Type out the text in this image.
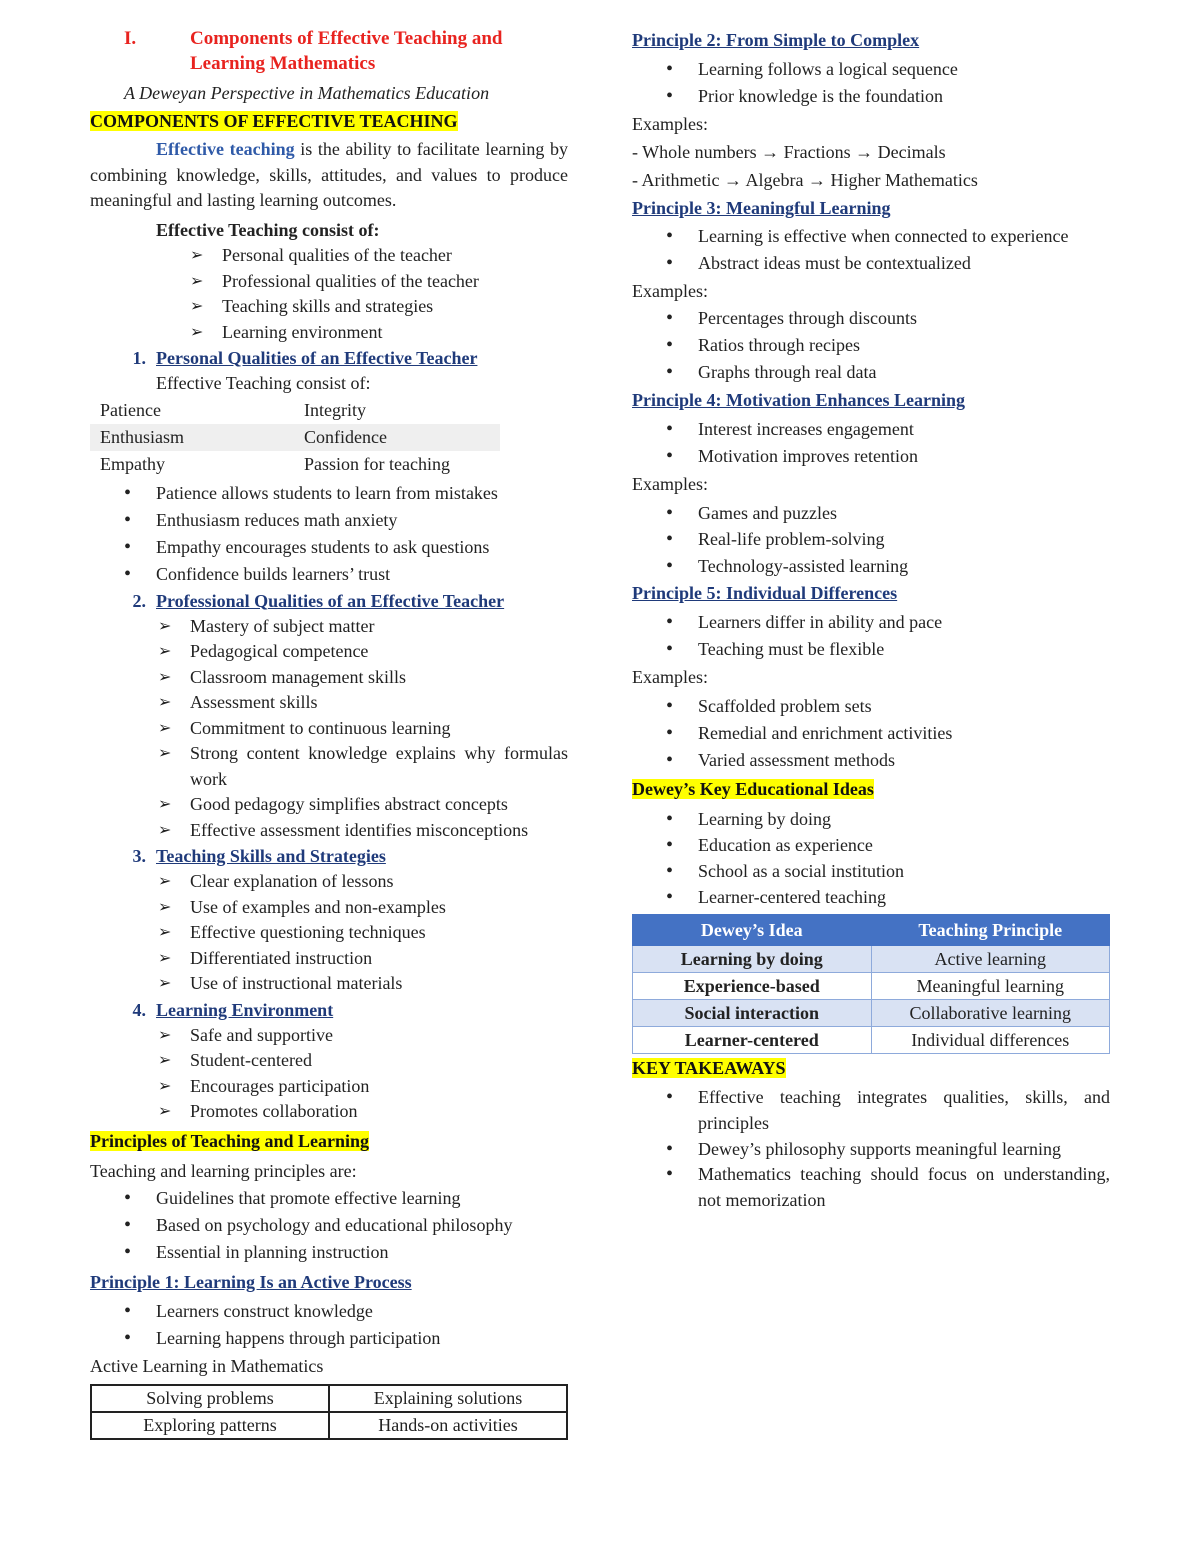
I.	Components of Effective Teaching and
Learning Mathematics
A Deweyan Perspective in Mathematics Education
COMPONENTS OF EFFECTIVE TEACHING
Effective teaching is the ability to facilitate learning by combining knowledge, skills, attitudes, and values to produce meaningful and lasting learning outcomes.
Effective Teaching consist of:
➢ Personal qualities of the teacher
➢ Professional qualities of the teacher
➢ Teaching skills and strategies
➢ Learning environment
1. Personal Qualities of an Effective Teacher
Effective Teaching consist of:
Patience	Integrity
Enthusiasm	Confidence
Empathy	Passion for teaching
• Patience allows students to learn from mistakes
• Enthusiasm reduces math anxiety
• Empathy encourages students to ask questions
• Confidence builds learners’ trust
2. Professional Qualities of an Effective Teacher
➢ Mastery of subject matter
➢ Pedagogical competence
➢ Classroom management skills
➢ Assessment skills
➢ Commitment to continuous learning
➢ Strong content knowledge explains why formulas work
➢ Good pedagogy simplifies abstract concepts
➢ Effective assessment identifies misconceptions
3. Teaching Skills and Strategies
➢ Clear explanation of lessons
➢ Use of examples and non-examples
➢ Effective questioning techniques
➢ Differentiated instruction
➢ Use of instructional materials
4. Learning Environment
➢ Safe and supportive
➢ Student-centered
➢ Encourages participation
➢ Promotes collaboration
Principles of Teaching and Learning
Teaching and learning principles are:
• Guidelines that promote effective learning
• Based on psychology and educational philosophy
• Essential in planning instruction
Principle 1: Learning Is an Active Process
• Learners construct knowledge
• Learning happens through participation
Active Learning in Mathematics
Solving problems	Explaining solutions
Exploring patterns	Hands-on activities
Principle 2: From Simple to Complex
• Learning follows a logical sequence
• Prior knowledge is the foundation
Examples:
- Whole numbers → Fractions → Decimals
- Arithmetic → Algebra → Higher Mathematics
Principle 3: Meaningful Learning
• Learning is effective when connected to experience
• Abstract ideas must be contextualized
Examples:
• Percentages through discounts
• Ratios through recipes
• Graphs through real data
Principle 4: Motivation Enhances Learning
• Interest increases engagement
• Motivation improves retention
Examples:
• Games and puzzles
• Real-life problem-solving
• Technology-assisted learning
Principle 5: Individual Differences
• Learners differ in ability and pace
• Teaching must be flexible
Examples:
• Scaffolded problem sets
• Remedial and enrichment activities
• Varied assessment methods
Dewey’s Key Educational Ideas
• Learning by doing
• Education as experience
• School as a social institution
• Learner-centered teaching
Dewey’s Idea	Teaching Principle
Learning by doing	Active learning
Experience-based	Meaningful learning
Social interaction	Collaborative learning
Learner-centered	Individual differences
KEY TAKEAWAYS
• Effective teaching integrates qualities, skills, and principles
• Dewey’s philosophy supports meaningful learning
• Mathematics teaching should focus on understanding, not memorization
